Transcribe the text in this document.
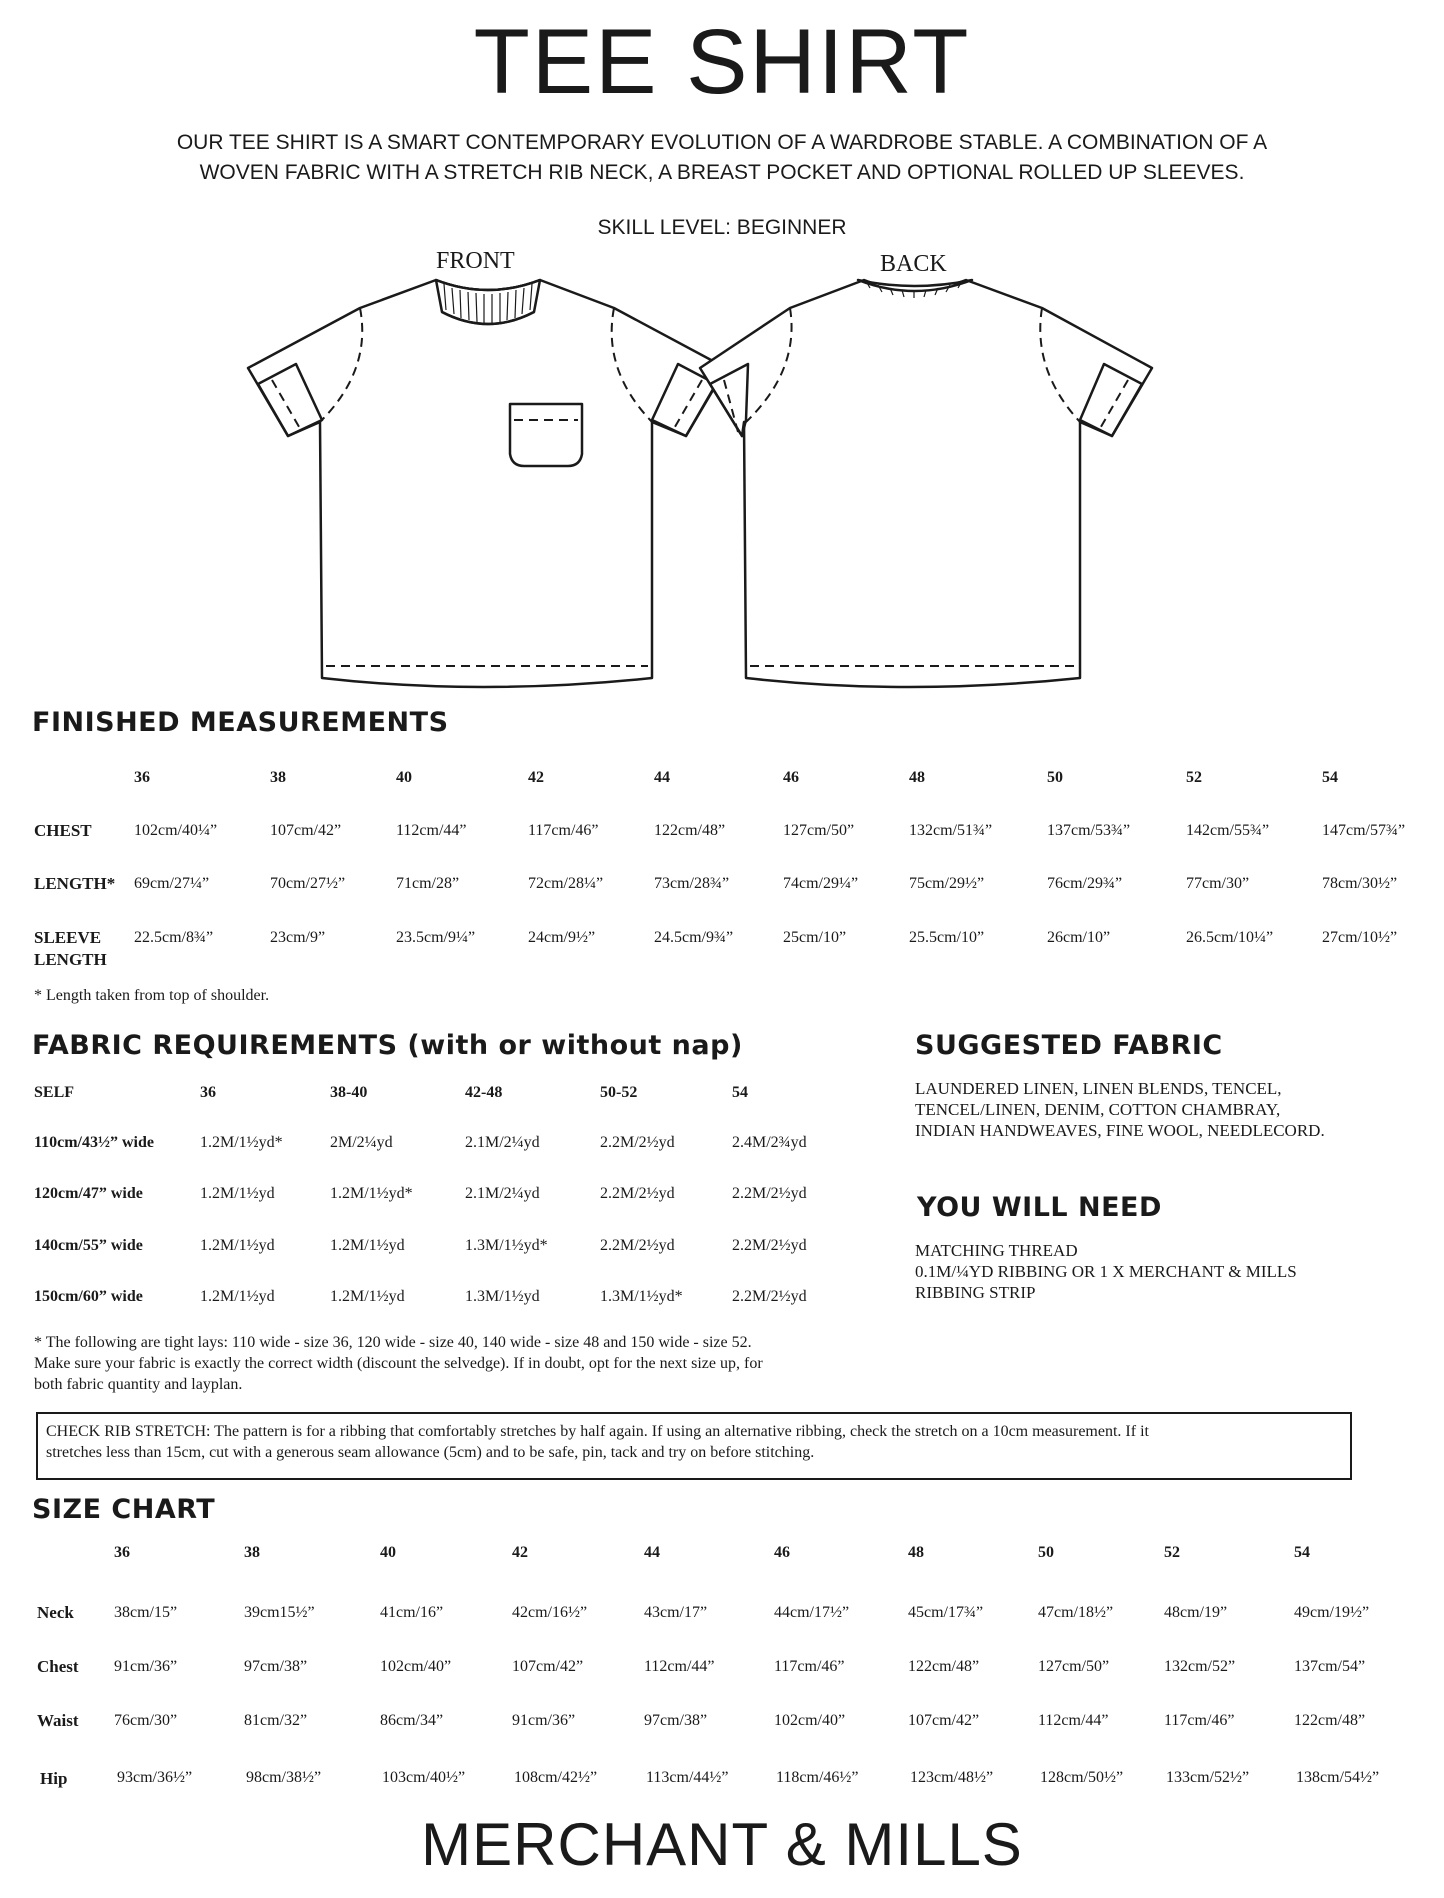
TEE SHIRT
OUR TEE SHIRT IS A SMART CONTEMPORARY EVOLUTION OF A WARDROBE STABLE. A COMBINATION OF A
WOVEN FABRIC WITH A STRETCH RIB NECK, A BREAST POCKET AND OPTIONAL ROLLED UP SLEEVES.
SKILL LEVEL: BEGINNER
FRONT	BACK
FINISHED MEASUREMENTS
36	38	40	42	44	46	48	50	52	54
CHEST	102cm/40¼”	107cm/42”	112cm/44”	117cm/46”	122cm/48”	127cm/50”	132cm/51¾”	137cm/53¾”	142cm/55¾”	147cm/57¾”
LENGTH* 69cm/27¼”	70cm/27½”	71cm/28”	72cm/28¼”	73cm/28¾”	74cm/29¼”	75cm/29½”	76cm/29¾”	77cm/30”	78cm/30½”
SLEEVE
LENGTH
22.5cm/8¾”	23cm/9”	23.5cm/9¼”	24cm/9½”	24.5cm/9¾”	25cm/10”	25.5cm/10”	26cm/10”	26.5cm/10¼”	27cm/10½”
* Length taken from top of shoulder.
FABRIC REQUIREMENTS (with or without nap)
SELF	36	38-40	42-48	50-52	54
110cm/43½” wide	1.2M/1½yd*	2M/2¼yd	2.1M/2¼yd	2.2M/2½yd	2.4M/2¾yd
120cm/47” wide	1.2M/1½yd	1.2M/1½yd*	2.1M/2¼yd	2.2M/2½yd	2.2M/2½yd
140cm/55” wide	1.2M/1½yd	1.2M/1½yd	1.3M/1½yd*	2.2M/2½yd	2.2M/2½yd
150cm/60” wide	1.2M/1½yd	1.2M/1½yd	1.3M/1½yd	1.3M/1½yd*	2.2M/2½yd
* The following are tight lays: 110 wide - size 36, 120 wide - size 40, 140 wide - size 48 and 150 wide - size 52.
Make sure your fabric is exactly the correct width (discount the selvedge). If in doubt, opt for the next size up, for
both fabric quantity and layplan.
SUGGESTED FABRIC
LAUNDERED LINEN, LINEN BLENDS, TENCEL,
TENCEL/LINEN, DENIM, COTTON CHAMBRAY,
INDIAN HANDWEAVES, FINE WOOL, NEEDLECORD.
YOU WILL NEED
MATCHING THREAD
0.1M/¼YD RIBBING OR 1 X MERCHANT & MILLS
RIBBING STRIP
CHECK RIB STRETCH: The pattern is for a ribbing that comfortably stretches by half again. If using an alternative ribbing, check the stretch on a 10cm measurement. If it
stretches less than 15cm, cut with a generous seam allowance (5cm) and to be safe, pin, tack and try on before stitching.
SIZE CHART
36	38	40	42	44	46	48	50	52	54
Neck	38cm/15”	39cm15½”	41cm/16”	42cm/16½”	43cm/17”	44cm/17½”	45cm/17¾”	47cm/18½”	48cm/19”	49cm/19½”
Chest 91cm/36”	97cm/38”	102cm/40”	107cm/42”	112cm/44”	117cm/46”	122cm/48”	127cm/50”	132cm/52”	137cm/54”
Waist 76cm/30”	81cm/32”	86cm/34”	91cm/36”	97cm/38”	102cm/40”	107cm/42”	112cm/44”	117cm/46”	122cm/48”
Hip	93cm/36½”	98cm/38½”	103cm/40½”	108cm/42½”	113cm/44½”	118cm/46½”	123cm/48½”	128cm/50½”	133cm/52½”	138cm/54½”
MERCHANT & MILLS
